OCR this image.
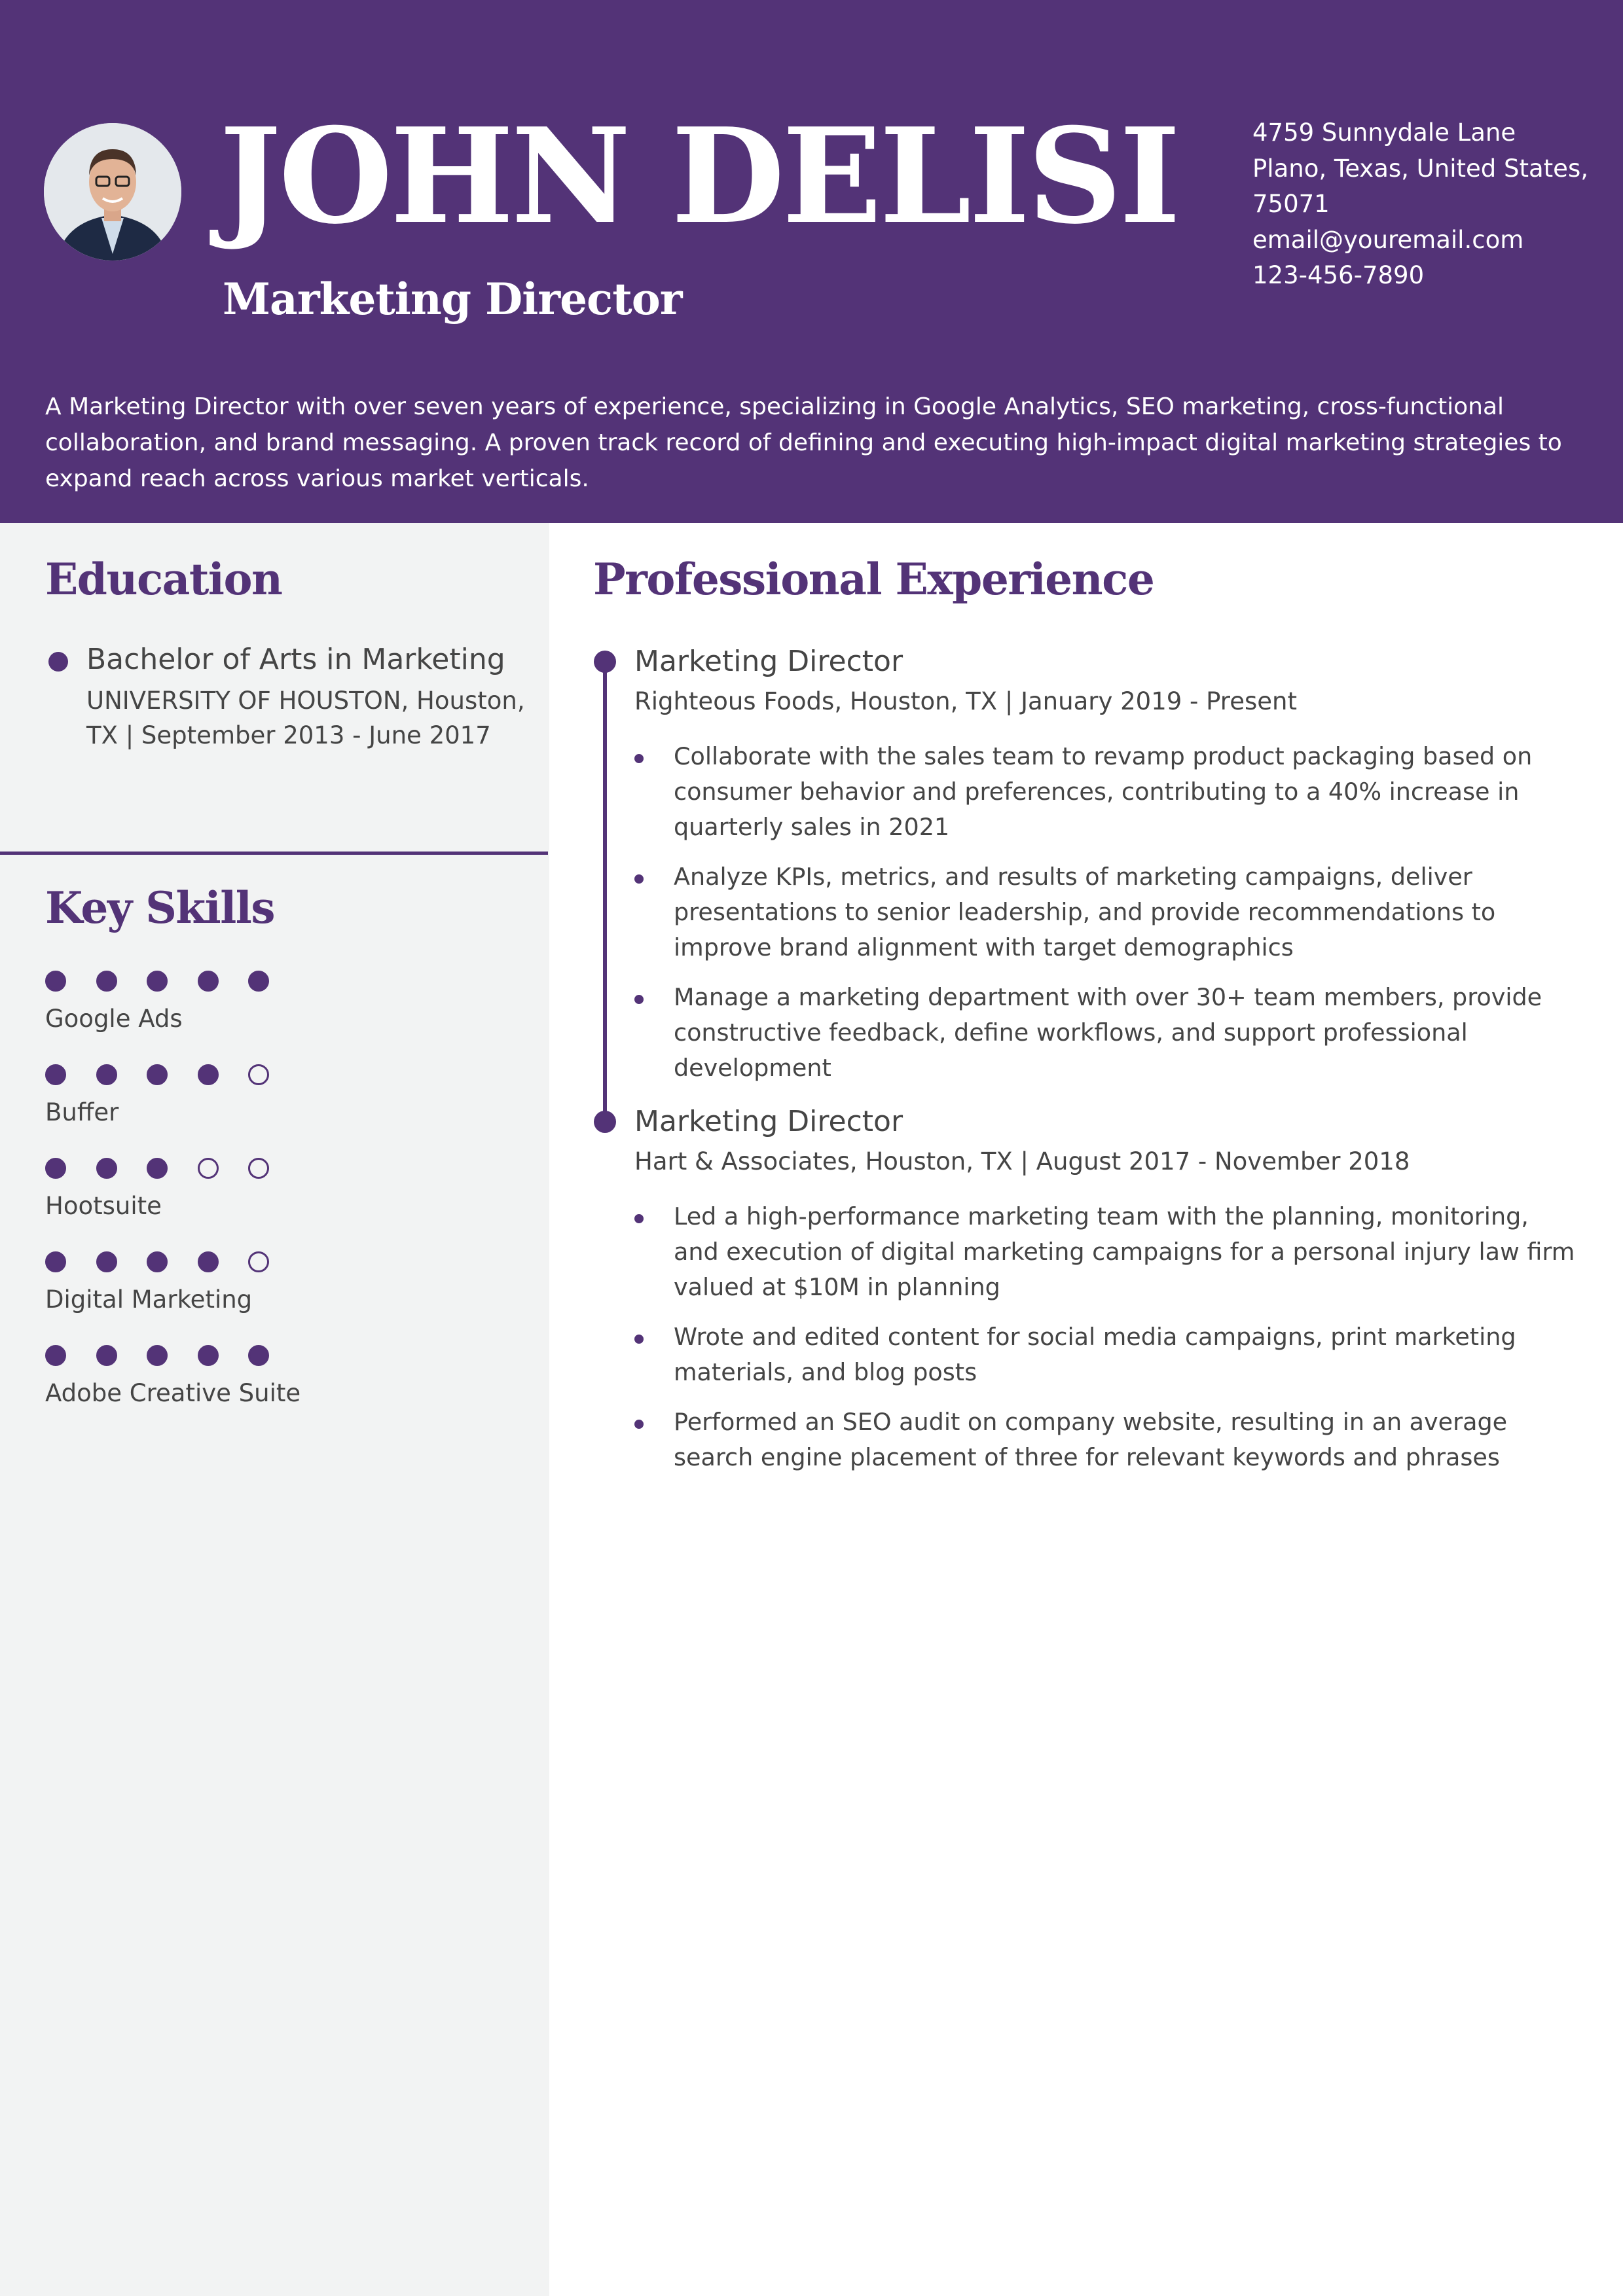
JOHN DELISI
Marketing Director
4759 Sunnydale Lane
Plano, Texas, United States,
75071
email@youremail.com
123-456-7890
A Marketing Director with over seven years of experience, specializing in Google Analytics, SEO marketing, cross-functional collaboration, and brand messaging. A proven track record of defining and executing high-impact digital marketing strategies to expand reach across various market verticals.
Education
Bachelor of Arts in Marketing
UNIVERSITY OF HOUSTON, Houston, TX | September 2013 - June 2017
Key Skills
Google Ads
Buffer
Hootsuite
Digital Marketing
Adobe Creative Suite
Professional Experience
Marketing Director
Righteous Foods, Houston, TX | January 2019 - Present
Collaborate with the sales team to revamp product packaging based on consumer behavior and preferences, contributing to a 40% increase in quarterly sales in 2021
Analyze KPIs, metrics, and results of marketing campaigns, deliver presentations to senior leadership, and provide recommendations to improve brand alignment with target demographics
Manage a marketing department with over 30+ team members, provide constructive feedback, define workflows, and support professional development
Marketing Director
Hart & Associates, Houston, TX | August 2017 - November 2018
Led a high-performance marketing team with the planning, monitoring, and execution of digital marketing campaigns for a personal injury law firm valued at $10M in planning
Wrote and edited content for social media campaigns, print marketing materials, and blog posts
Performed an SEO audit on company website, resulting in an average search engine placement of three for relevant keywords and phrases
